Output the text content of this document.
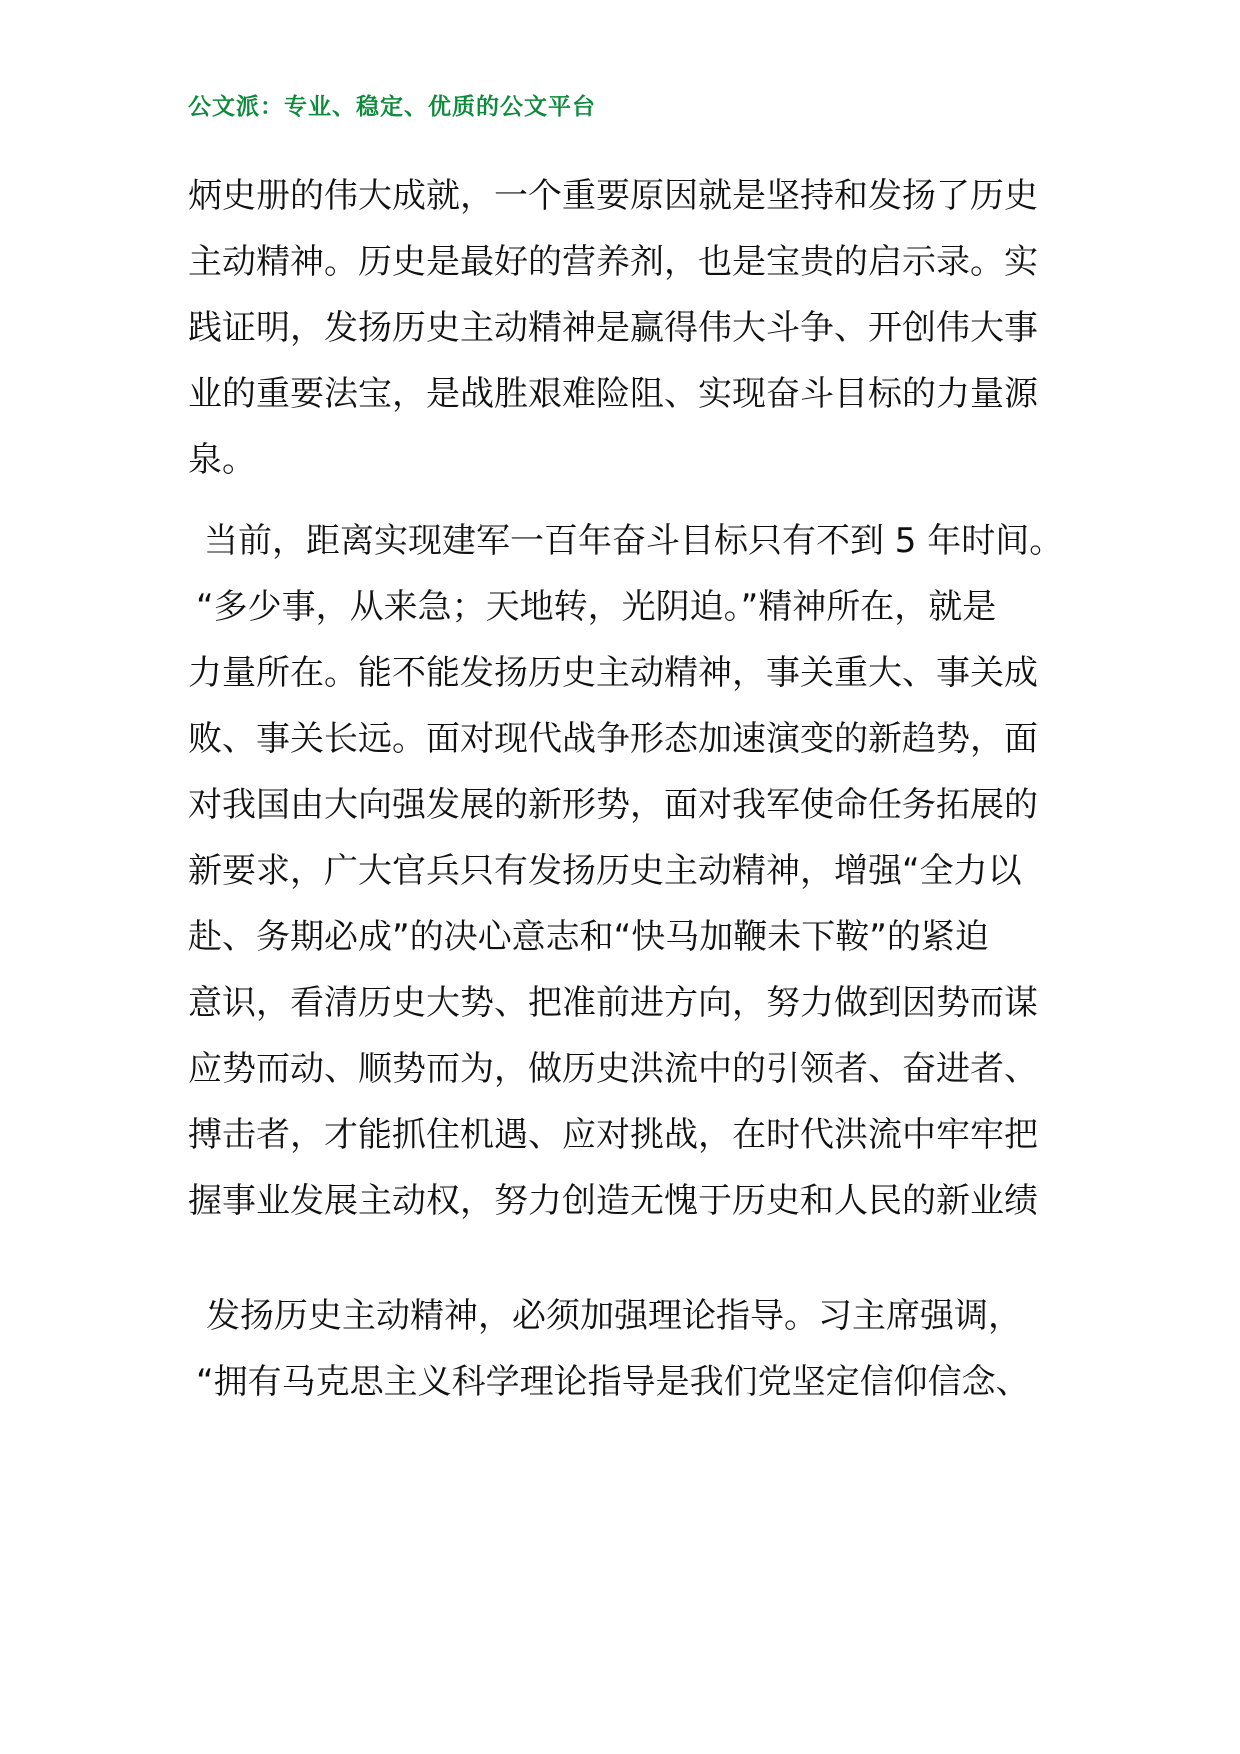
公文派：专业、稳定、优质的公文平台
炳史册的伟大成就，一个重要原因就是坚持和发扬了历史
主动精神。历史是最好的营养剂，也是宝贵的启示录。实
践证明，发扬历史主动精神是赢得伟大斗争、开创伟大事
业的重要法宝，是战胜艰难险阻、实现奋斗目标的力量源
泉。
当前，距离实现建军一百年奋斗目标只有不到 5 年时间。
“多少事，从来急；天地转，光阴迫。”精神所在，就是
力量所在。能不能发扬历史主动精神，事关重大、事关成
败、事关长远。面对现代战争形态加速演变的新趋势，面
对我国由大向强发展的新形势，面对我军使命任务拓展的
新要求，广大官兵只有发扬历史主动精神，增强“全力以
赴、务期必成”的决心意志和“快马加鞭未下鞍”的紧迫
意识，看清历史大势、把准前进方向，努力做到因势而谋
应势而动、顺势而为，做历史洪流中的引领者、奋进者、
搏击者，才能抓住机遇、应对挑战，在时代洪流中牢牢把
握事业发展主动权，努力创造无愧于历史和人民的新业绩
发扬历史主动精神，必须加强理论指导。习主席强调，
“拥有马克思主义科学理论指导是我们党坚定信仰信念、
